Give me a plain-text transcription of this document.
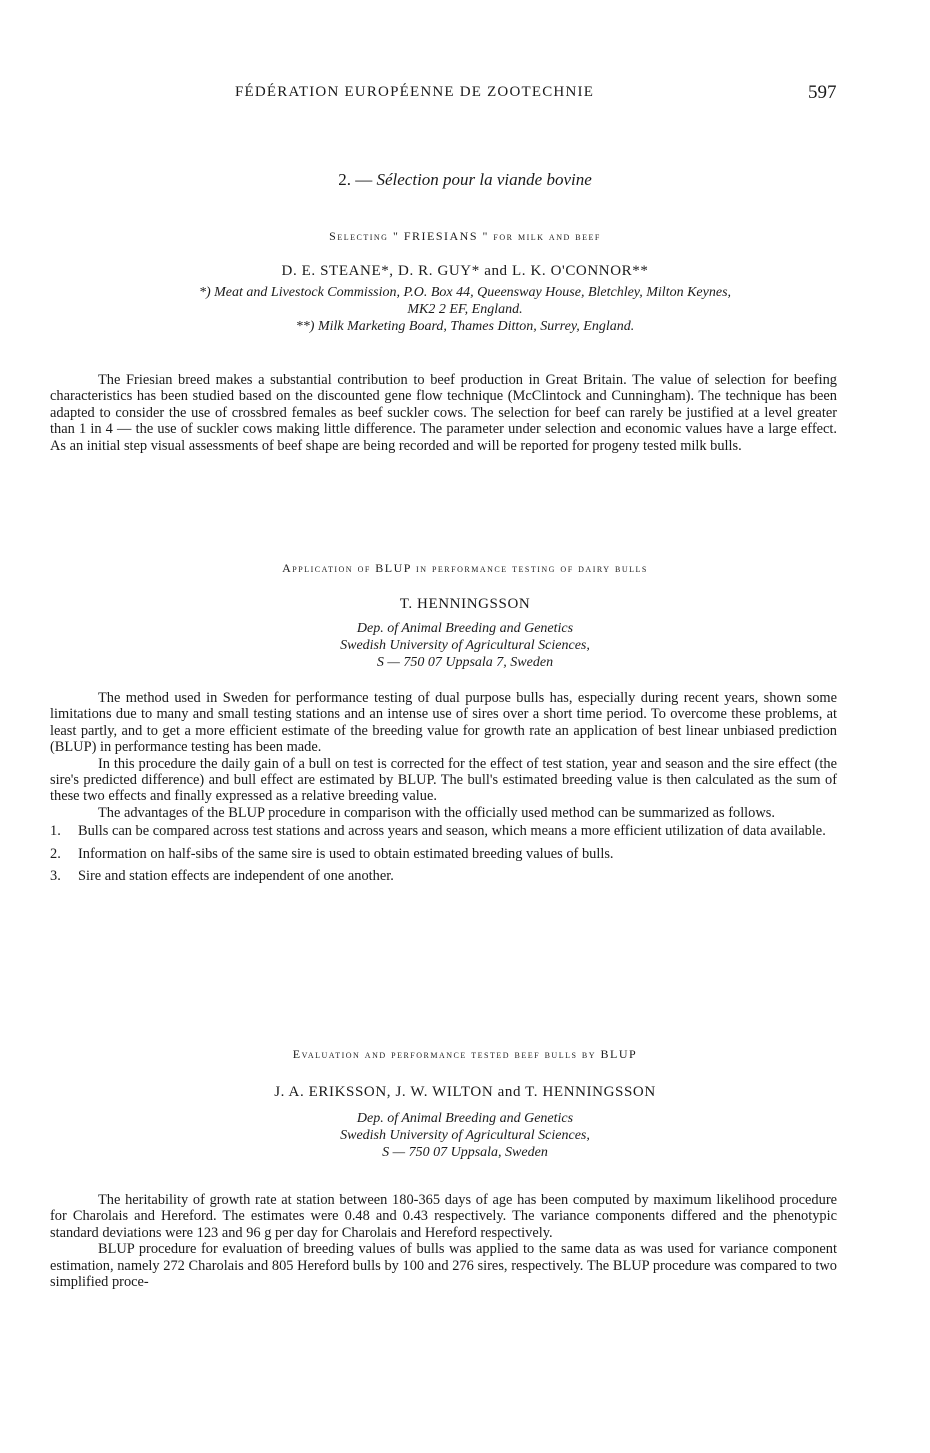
FÉDÉRATION EUROPÉENNE DE ZOOTECHNIE	597
2. — Sélection pour la viande bovine
Selecting " FRIESIANS " for milk and beef
D. E. STEANE*, D. R. GUY* and L. K. O'CONNOR**
*) Meat and Livestock Commission, P.O. Box 44, Queensway House, Bletchley, Milton Keynes,
MK2 2 EF, England.
**) Milk Marketing Board, Thames Ditton, Surrey, England.

The Friesian breed makes a substantial contribution to beef production in Great Britain. The value of selection for beefing characteristics has been studied based on the discounted gene flow technique (McClintock and Cunningham). The technique has been adapted to consider the use of crossbred females as beef suckler cows. The selection for beef can rarely be justified at a level greater than 1 in 4 — the use of suckler cows making little difference. The parameter under selection and economic values have a large effect. As an initial step visual assessments of beef shape are being recorded and will be reported for progeny tested milk bulls.

Application of BLUP in performance testing of dairy bulls
T. HENNINGSSON
Dep. of Animal Breeding and Genetics
Swedish University of Agricultural Sciences,
S — 750 07 Uppsala 7, Sweden

The method used in Sweden for performance testing of dual purpose bulls has, especially during recent years, shown some limitations due to many and small testing stations and an intense use of sires over a short time period. To overcome these problems, at least partly, and to get a more efficient estimate of the breeding value for growth rate an application of best linear unbiased prediction (BLUP) in performance testing has been made.

In this procedure the daily gain of a bull on test is corrected for the effect of test station, year and season and the sire effect (the sire's predicted difference) and bull effect are estimated by BLUP. The bull's estimated breeding value is then calculated as the sum of these two effects and finally expressed as a relative breeding value.

The advantages of the BLUP procedure in comparison with the officially used method can be summarized as follows.

1. Bulls can be compared across test stations and across years and season, which means a more efficient utilization of data available.
2. Information on half-sibs of the same sire is used to obtain estimated breeding values of bulls.
3. Sire and station effects are independent of one another.
Evaluation and performance tested beef bulls by BLUP
J. A. ERIKSSON, J. W. WILTON and T. HENNINGSSON
Dep. of Animal Breeding and Genetics
Swedish University of Agricultural Sciences,
S — 750 07 Uppsala, Sweden

The heritability of growth rate at station between 180-365 days of age has been computed by maximum likelihood procedure for Charolais and Hereford. The estimates were 0.48 and 0.43 respectively. The variance components differed and the phenotypic standard deviations were 123 and 96 g per day for Charolais and Hereford respectively.

BLUP procedure for evaluation of breeding values of bulls was applied to the same data as was used for variance component estimation, namely 272 Charolais and 805 Hereford bulls by 100 and 276 sires, respectively. The BLUP procedure was compared to two simplified proce-
